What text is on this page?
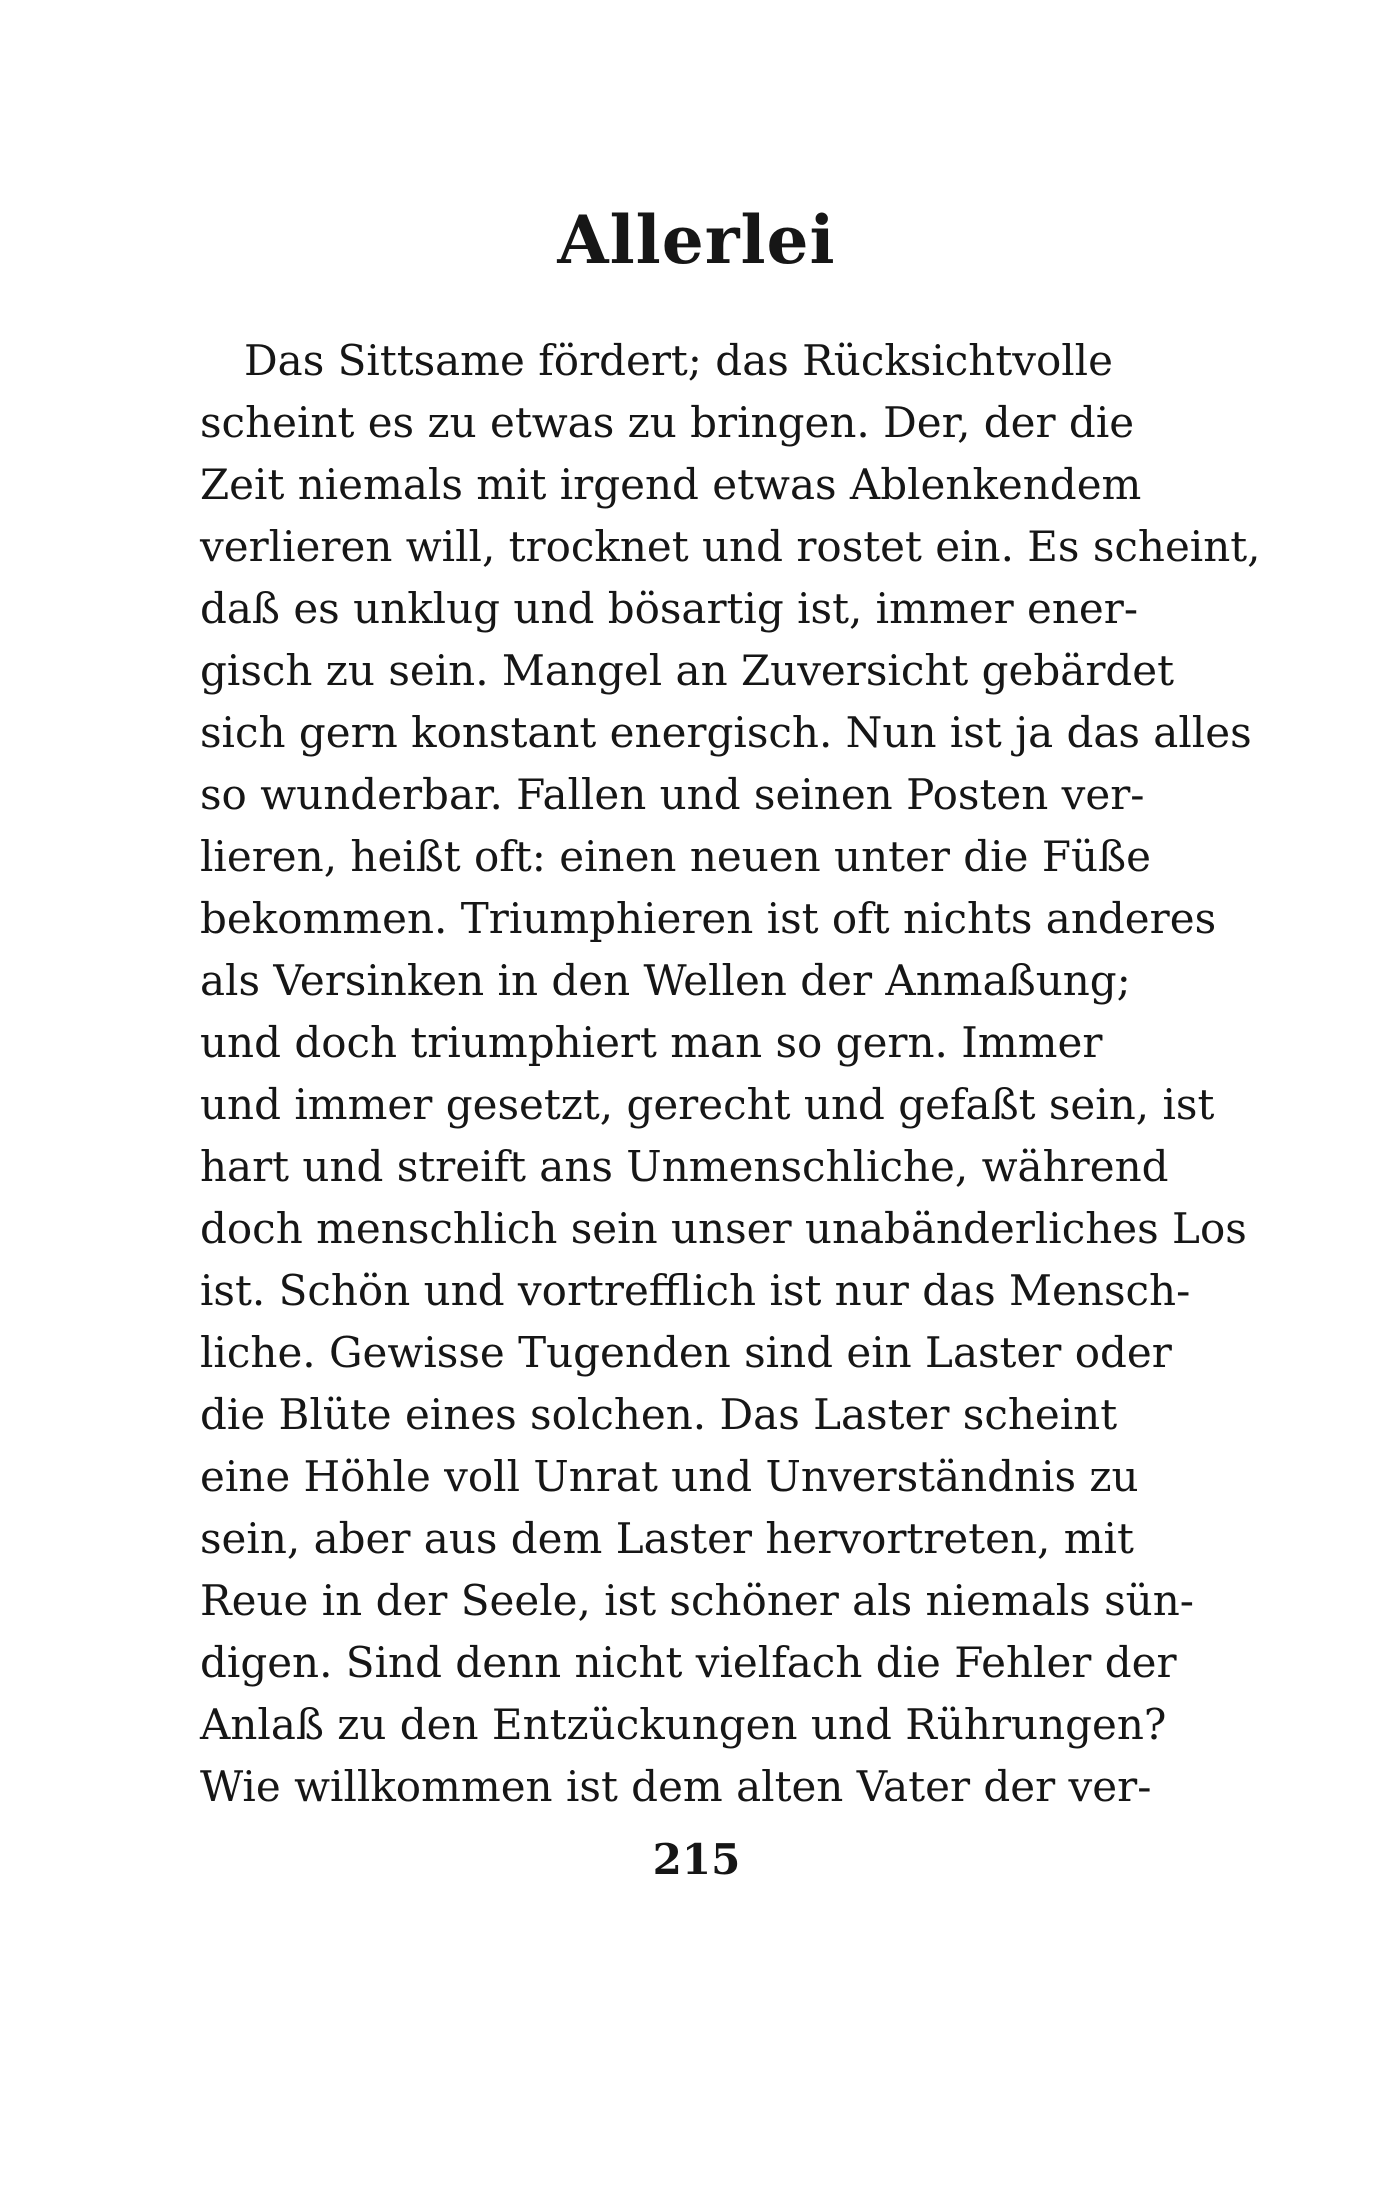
Allerlei
Das Sittsame fördert; das Rücksichtvolle
scheint es zu etwas zu bringen. Der, der die
Zeit niemals mit irgend etwas Ablenkendem
verlieren will, trocknet und rostet ein. Es scheint,
daß es unklug und bösartig ist, immer ener-
gisch zu sein. Mangel an Zuversicht gebärdet
sich gern konstant energisch. Nun ist ja das alles
so wunderbar. Fallen und seinen Posten ver-
lieren, heißt oft: einen neuen unter die Füße
bekommen. Triumphieren ist oft nichts anderes
als Versinken in den Wellen der Anmaßung;
und doch triumphiert man so gern. Immer
und immer gesetzt, gerecht und gefaßt sein, ist
hart und streift ans Unmenschliche, während
doch menschlich sein unser unabänderliches Los
ist. Schön und vortrefflich ist nur das Mensch-
liche. Gewisse Tugenden sind ein Laster oder
die Blüte eines solchen. Das Laster scheint
eine Höhle voll Unrat und Unverständnis zu
sein, aber aus dem Laster hervortreten, mit
Reue in der Seele, ist schöner als niemals sün-
digen. Sind denn nicht vielfach die Fehler der
Anlaß zu den Entzückungen und Rührungen?
Wie willkommen ist dem alten Vater der ver-
215
